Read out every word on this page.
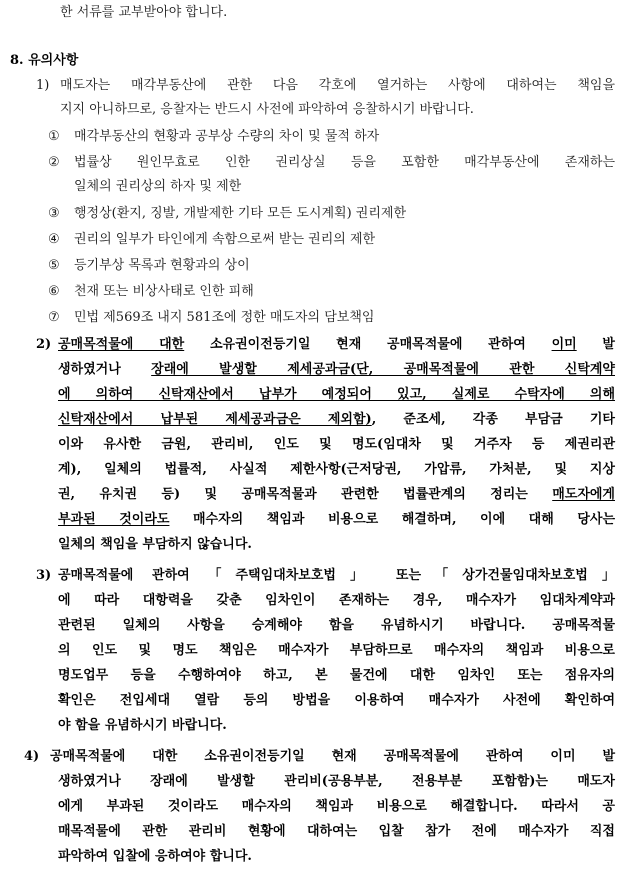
한 서류를 교부받아야 합니다.
8. 유의사항
1) 매도자는 매각부동산에 관한 다음 각호에 열거하는 사항에 대하여는 책임을
지지 아니하므로, 응찰자는 반드시 사전에 파악하여 응찰하시기 바랍니다.
① 매각부동산의 현황과 공부상 수량의 차이 및 물적 하자
② 법률상 원인무효로 인한 권리상실 등을 포함한 매각부동산에 존재하는
일체의 권리상의 하자 및 제한
③ 행정상(환지, 징발, 개발제한 기타 모든 도시계획) 권리제한
④ 권리의 일부가 타인에게 속함으로써 받는 권리의 제한
⑤ 등기부상 목록과 현황과의 상이
⑥ 천재 또는 비상사태로 인한 피해
⑦ 민법 제569조 내지 581조에 정한 매도자의 담보책임
2) 공매목적물에 대한 소유권이전등기일 현재 공매목적물에 관하여 이미 발
생하였거나 장래에 발생할 제세공과금(단, 공매목적물에 관한 신탁계약
에 의하여 신탁재산에서 납부가 예정되어 있고, 실제로 수탁자에 의해
신탁재산에서 납부된 제세공과금은 제외함), 준조세, 각종 부담금 기타
이와 유사한 금원, 관리비, 인도 및 명도(임대차 및 거주자 등 제권리관
계), 일체의 법률적, 사실적 제한사항(근저당권, 가압류, 가처분, 및 지상
권, 유치권 등) 및 공매목적물과 관련한 법률관계의 정리는 매도자에게
부과된 것이라도 매수자의 책임과 비용으로 해결하며, 이에 대해 당사는
일체의 책임을 부담하지 않습니다.
3) 공매목적물에 관하여 「주택임대차보호법」 또는「상가건물임대차보호법」
에 따라 대항력을 갖춘 임차인이 존재하는 경우, 매수자가 임대차계약과
관련된 일체의 사항을 승계해야 함을 유념하시기 바랍니다. 공매목적물
의 인도 및 명도 책임은 매수자가 부담하므로 매수자의 책임과 비용으로
명도업무 등을 수행하여야 하고, 본 물건에 대한 임차인 또는 점유자의
확인은 전입세대 열람 등의 방법을 이용하여 매수자가 사전에 확인하여
야 함을 유념하시기 바랍니다.
4) 공매목적물에 대한 소유권이전등기일 현재 공매목적물에 관하여 이미 발
생하였거나 장래에 발생할 관리비(공용부분, 전용부분 포함함)는 매도자
에게 부과된 것이라도 매수자의 책임과 비용으로 해결합니다. 따라서 공
매목적물에 관한 관리비 현황에 대하여는 입찰 참가 전에 매수자가 직접
파악하여 입찰에 응하여야 합니다.
